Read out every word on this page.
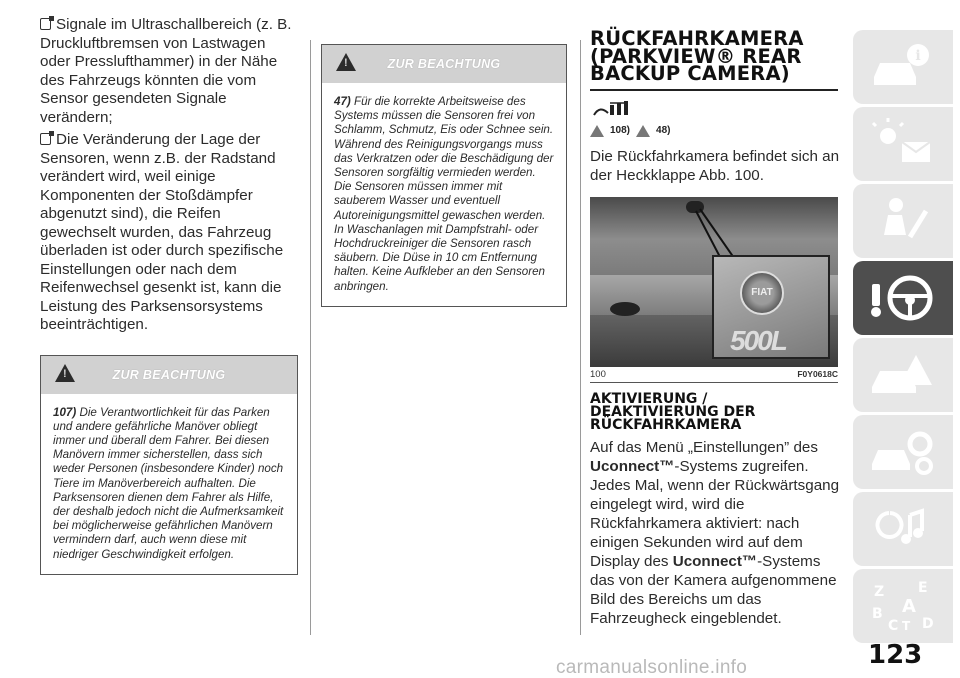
Signale im Ultraschallbereich (z. B. Druckluftbremsen von Lastwagen oder Presslufthammer) in der Nähe des Fahrzeugs könnten die vom Sensor gesendeten Signale verändern;

Die Veränderung der Lage der Sensoren, wenn z.B. der Radstand verändert wird, weil einige Komponenten der Stoßdämpfer abgenutzt sind), die Reifen gewechselt wurden, das Fahrzeug überladen ist oder durch spezifische Einstellungen oder nach dem Reifenwechsel gesenkt ist, kann die Leistung des Parksensorsystems beeinträchtigen.

!
ZUR BEACHTUNG
107) Die Verantwortlichkeit für das Parken und andere gefährliche Manöver obliegt immer und überall dem Fahrer. Bei diesen Manövern immer sicherstellen, dass sich weder Personen (insbesondere Kinder) noch Tiere im Manöverbereich aufhalten. Die Parksensoren dienen dem Fahrer als Hilfe, der deshalb jedoch nicht die Aufmerksamkeit bei möglicherweise gefährlichen Manövern vermindern darf, auch wenn diese mit niedriger Geschwindigkeit erfolgen.
!
ZUR BEACHTUNG
47) Für die korrekte Arbeitsweise des Systems müssen die Sensoren frei von Schlamm, Schmutz, Eis oder Schnee sein. Während des Reinigungsvorgangs muss das Verkratzen oder die Beschädigung der Sensoren sorgfältig vermieden werden. Die Sensoren müssen immer mit sauberem Wasser und eventuell Autoreinigungsmittel gewaschen werden. In Waschanlagen mit Dampfstrahl- oder Hochdruckreiniger die Sensoren rasch säubern. Die Düse in 10 cm Entfernung halten. Keine Aufkleber an den Sensoren anbringen.
RÜCKFAHRKAMERA
(PARKVIEW® REAR
BACKUP CAMERA)
108)	48)

Die Rückfahrkamera befindet sich an der Heckklappe Abb. 100.

FIAT
500L
100	F0Y0618C
AKTIVIERUNG /
DEAKTIVIERUNG DER
RÜCKFAHRKAMERA

Auf das Menü „Einstellungen” des Uconnect™-Systems zugreifen. Jedes Mal, wenn der Rückwärtsgang eingelegt wird, wird die Rückfahrkamera aktiviert: nach einigen Sekunden wird auf dem Display des Uconnect™-Systems das von der Kamera aufgenommene Bild des Bereichs um das Fahrzeugheck eingeblendet.

i
Z E
A
B
C D
T
123
carmanualsonline.info
